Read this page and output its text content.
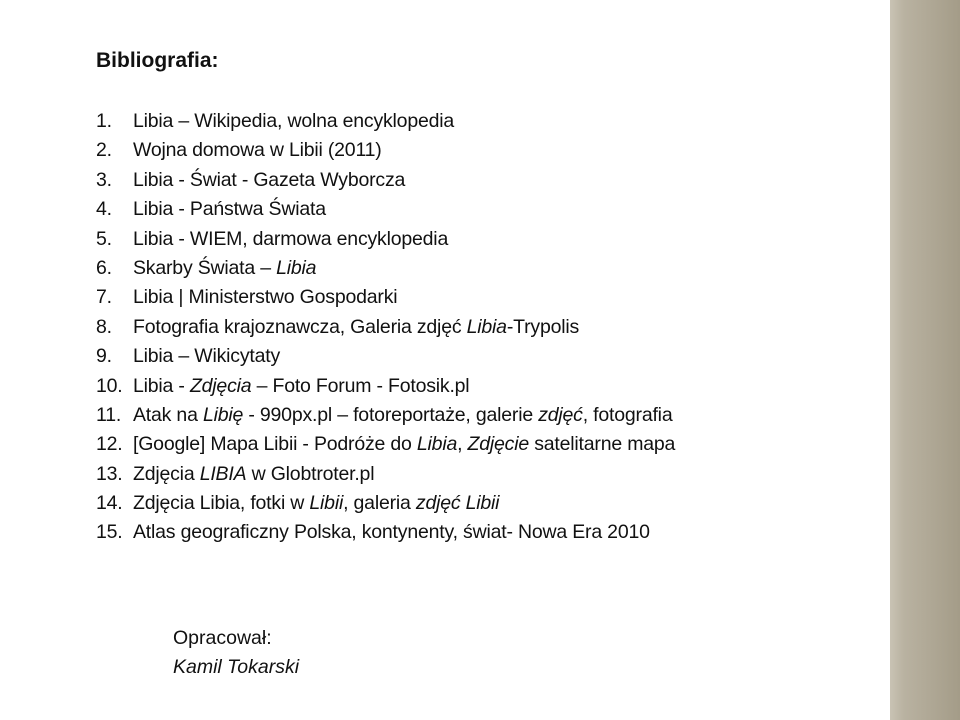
Bibliografia:
1. Libia – Wikipedia, wolna encyklopedia
2. Wojna domowa w Libii (2011)
3. Libia - Świat - Gazeta Wyborcza
4. Libia - Państwa Świata
5. Libia - WIEM, darmowa encyklopedia
6. Skarby Świata – Libia
7. Libia | Ministerstwo Gospodarki
8. Fotografia krajoznawcza, Galeria zdjęć Libia-Trypolis
9. Libia – Wikicytaty
10. Libia - Zdjęcia – Foto Forum - Fotosik.pl
11. Atak na Libię - 990px.pl – fotoreportaże, galerie zdjęć, fotografia
12. [Google] Mapa Libii - Podróże do Libia, Zdjęcie satelitarne mapa
13. Zdjęcia LIBIA w Globtroter.pl
14. Zdjęcia Libia, fotki w Libii, galeria zdjęć Libii
15. Atlas geograficzny Polska, kontynenty, świat- Nowa Era 2010
Opracował:
Kamil Tokarski
